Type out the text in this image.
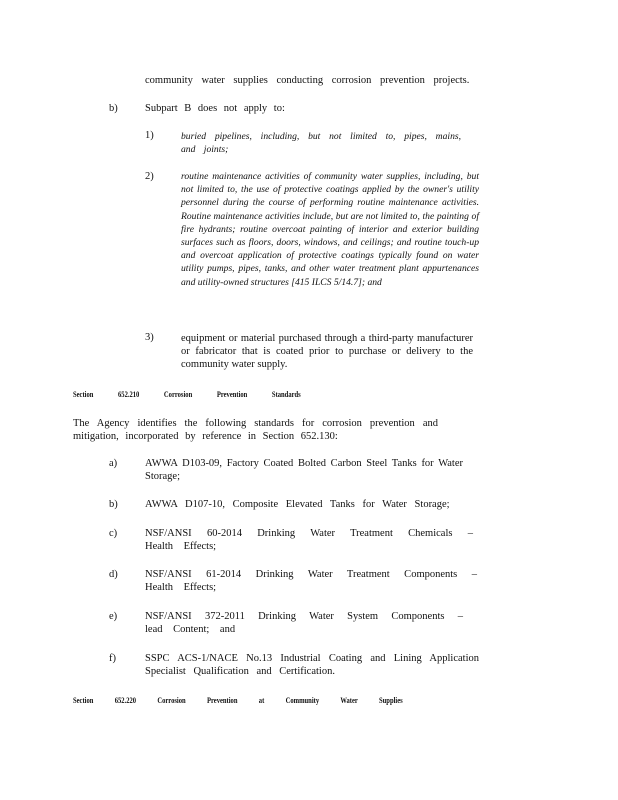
community water supplies conducting corrosion prevention projects.

b)	Subpart B does not apply to:

1)	buried pipelines, including, but not limited to, pipes, mains, and joints;

2)	routine maintenance activities of community water supplies, including, but not limited to, the use of protective coatings applied by the owner's utility personnel during the course of performing routine maintenance activities. Routine maintenance activities include, but are not limited to, the painting of fire hydrants; routine overcoat painting of interior and exterior building surfaces such as floors, doors, windows, and ceilings; and routine touch-up and overcoat application of protective coatings typically found on water utility pumps, pipes, tanks, and other water treatment plant appurtenances and utility-owned structures [415 ILCS 5/14.7]; and

3)	equipment or material purchased through a third-party manufacturer or fabricator that is coated prior to purchase or delivery to the community water supply.

Section 652.210 Corrosion Prevention Standards

The Agency identifies the following standards for corrosion prevention and mitigation, incorporated by reference in Section 652.130:

a)	AWWA D103-09, Factory Coated Bolted Carbon Steel Tanks for Water Storage;

b)	AWWA D107-10, Composite Elevated Tanks for Water Storage;

c)	NSF/ANSI 60-2014 Drinking Water Treatment Chemicals – Health Effects;

d)	NSF/ANSI 61-2014 Drinking Water Treatment Components – Health Effects;

e)	NSF/ANSI 372-2011 Drinking Water System Components – lead Content; and

f)	SSPC ACS-1/NACE No.13 Industrial Coating and Lining Application Specialist Qualification and Certification.

Section 652.220 Corrosion Prevention at Community Water Supplies
